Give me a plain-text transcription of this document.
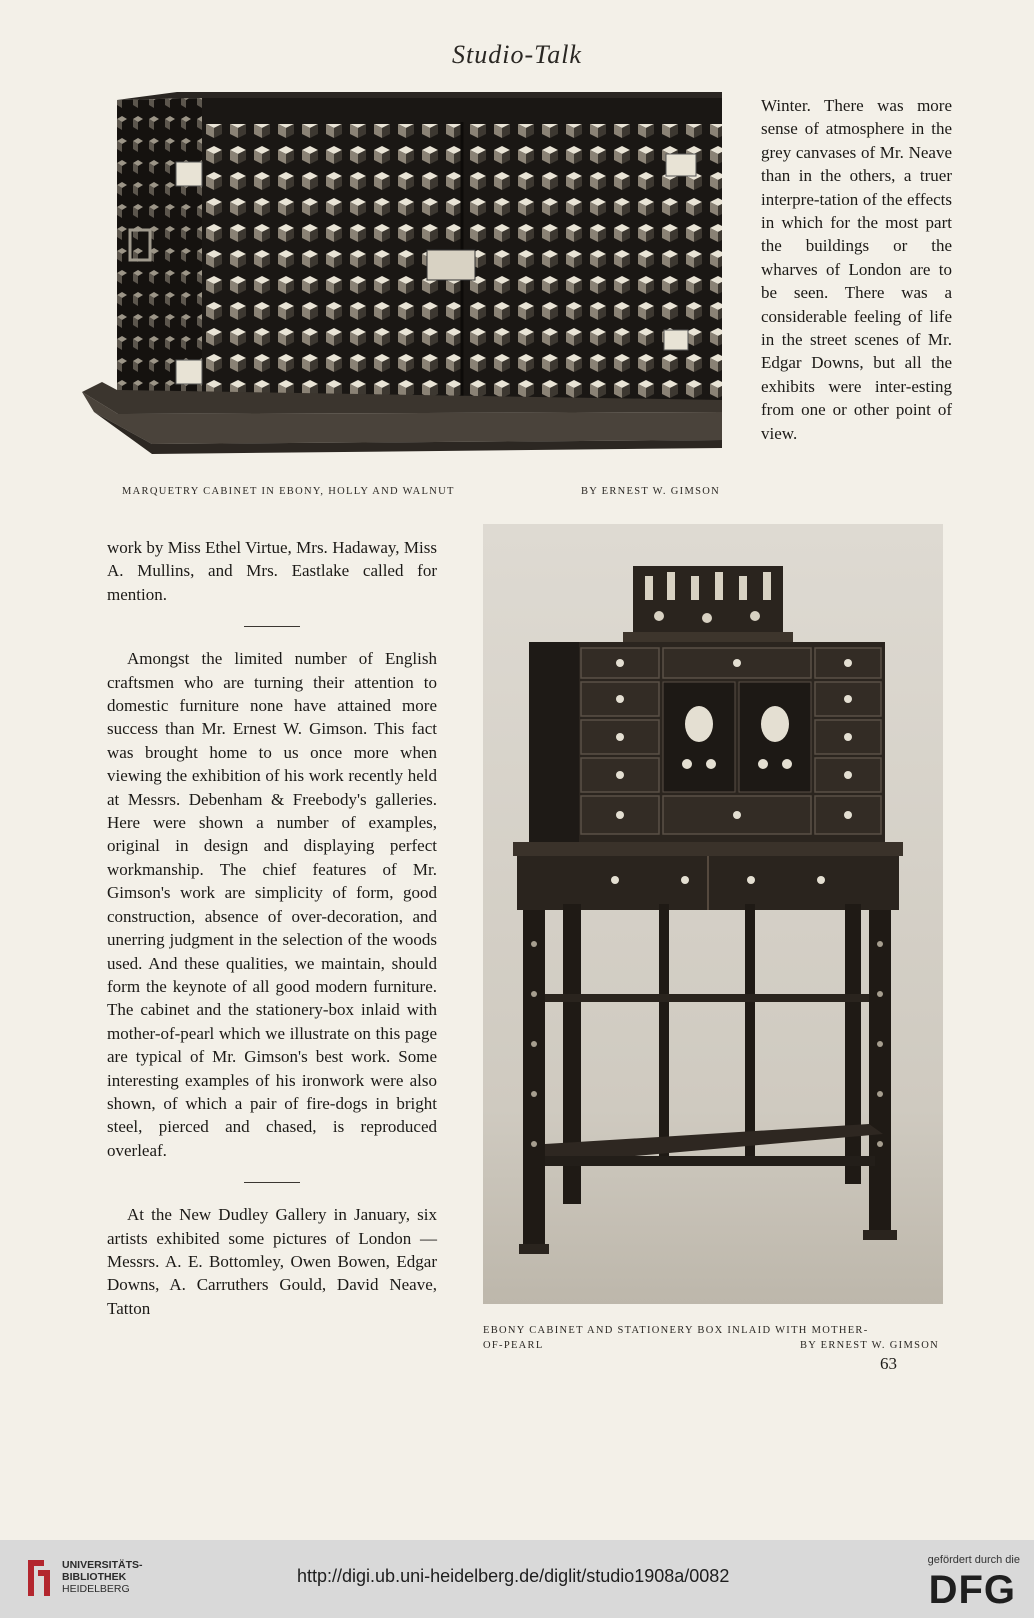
Studio-Talk
MARQUETRY CABINET IN EBONY, HOLLY AND WALNUT	BY ERNEST W. GIMSON
Winter. There was more sense of atmosphere in the grey canvases of Mr. Neave than in the others, a truer interpre-tation of the effects in which for the most part the buildings or the wharves of London are to be seen. There was a considerable feeling of life in the street scenes of Mr. Edgar Downs, but all the exhibits were inter-esting from one or other point of view.
EBONY CABINET AND STATIONERY BOX INLAID WITH MOTHER-
OF-PEARL	BY ERNEST W. GIMSON

work by Miss Ethel Virtue, Mrs. Hadaway, Miss A. Mullins, and Mrs. Eastlake called for mention.

Amongst the limited number of English craftsmen who are turning their attention to domestic furniture none have attained more success than Mr. Ernest W. Gimson. This fact was brought home to us once more when viewing the exhibition of his work recently held at Messrs. Debenham & Freebody's galleries. Here were shown a number of examples, original in design and displaying perfect workmanship. The chief features of Mr. Gimson's work are simplicity of form, good construction, absence of over-decoration, and unerring judgment in the selection of the woods used. And these qualities, we maintain, should form the keynote of all good modern furniture. The cabinet and the stationery-box inlaid with mother-of-pearl which we illustrate on this page are typical of Mr. Gimson's best work. Some interesting examples of his ironwork were also shown, of which a pair of fire-dogs in bright steel, pierced and chased, is reproduced overleaf.

At the New Dudley Gallery in January, six artists exhibited some pictures of London — Messrs. A. E. Bottomley, Owen Bowen, Edgar Downs, A. Carruthers Gould, David Neave, Tatton

63
UNIVERSITÄTS-
BIBLIOTHEK
HEIDELBERG
http://digi.ub.uni-heidelberg.de/diglit/studio1908a/0082
gefördert durch die
DFG
